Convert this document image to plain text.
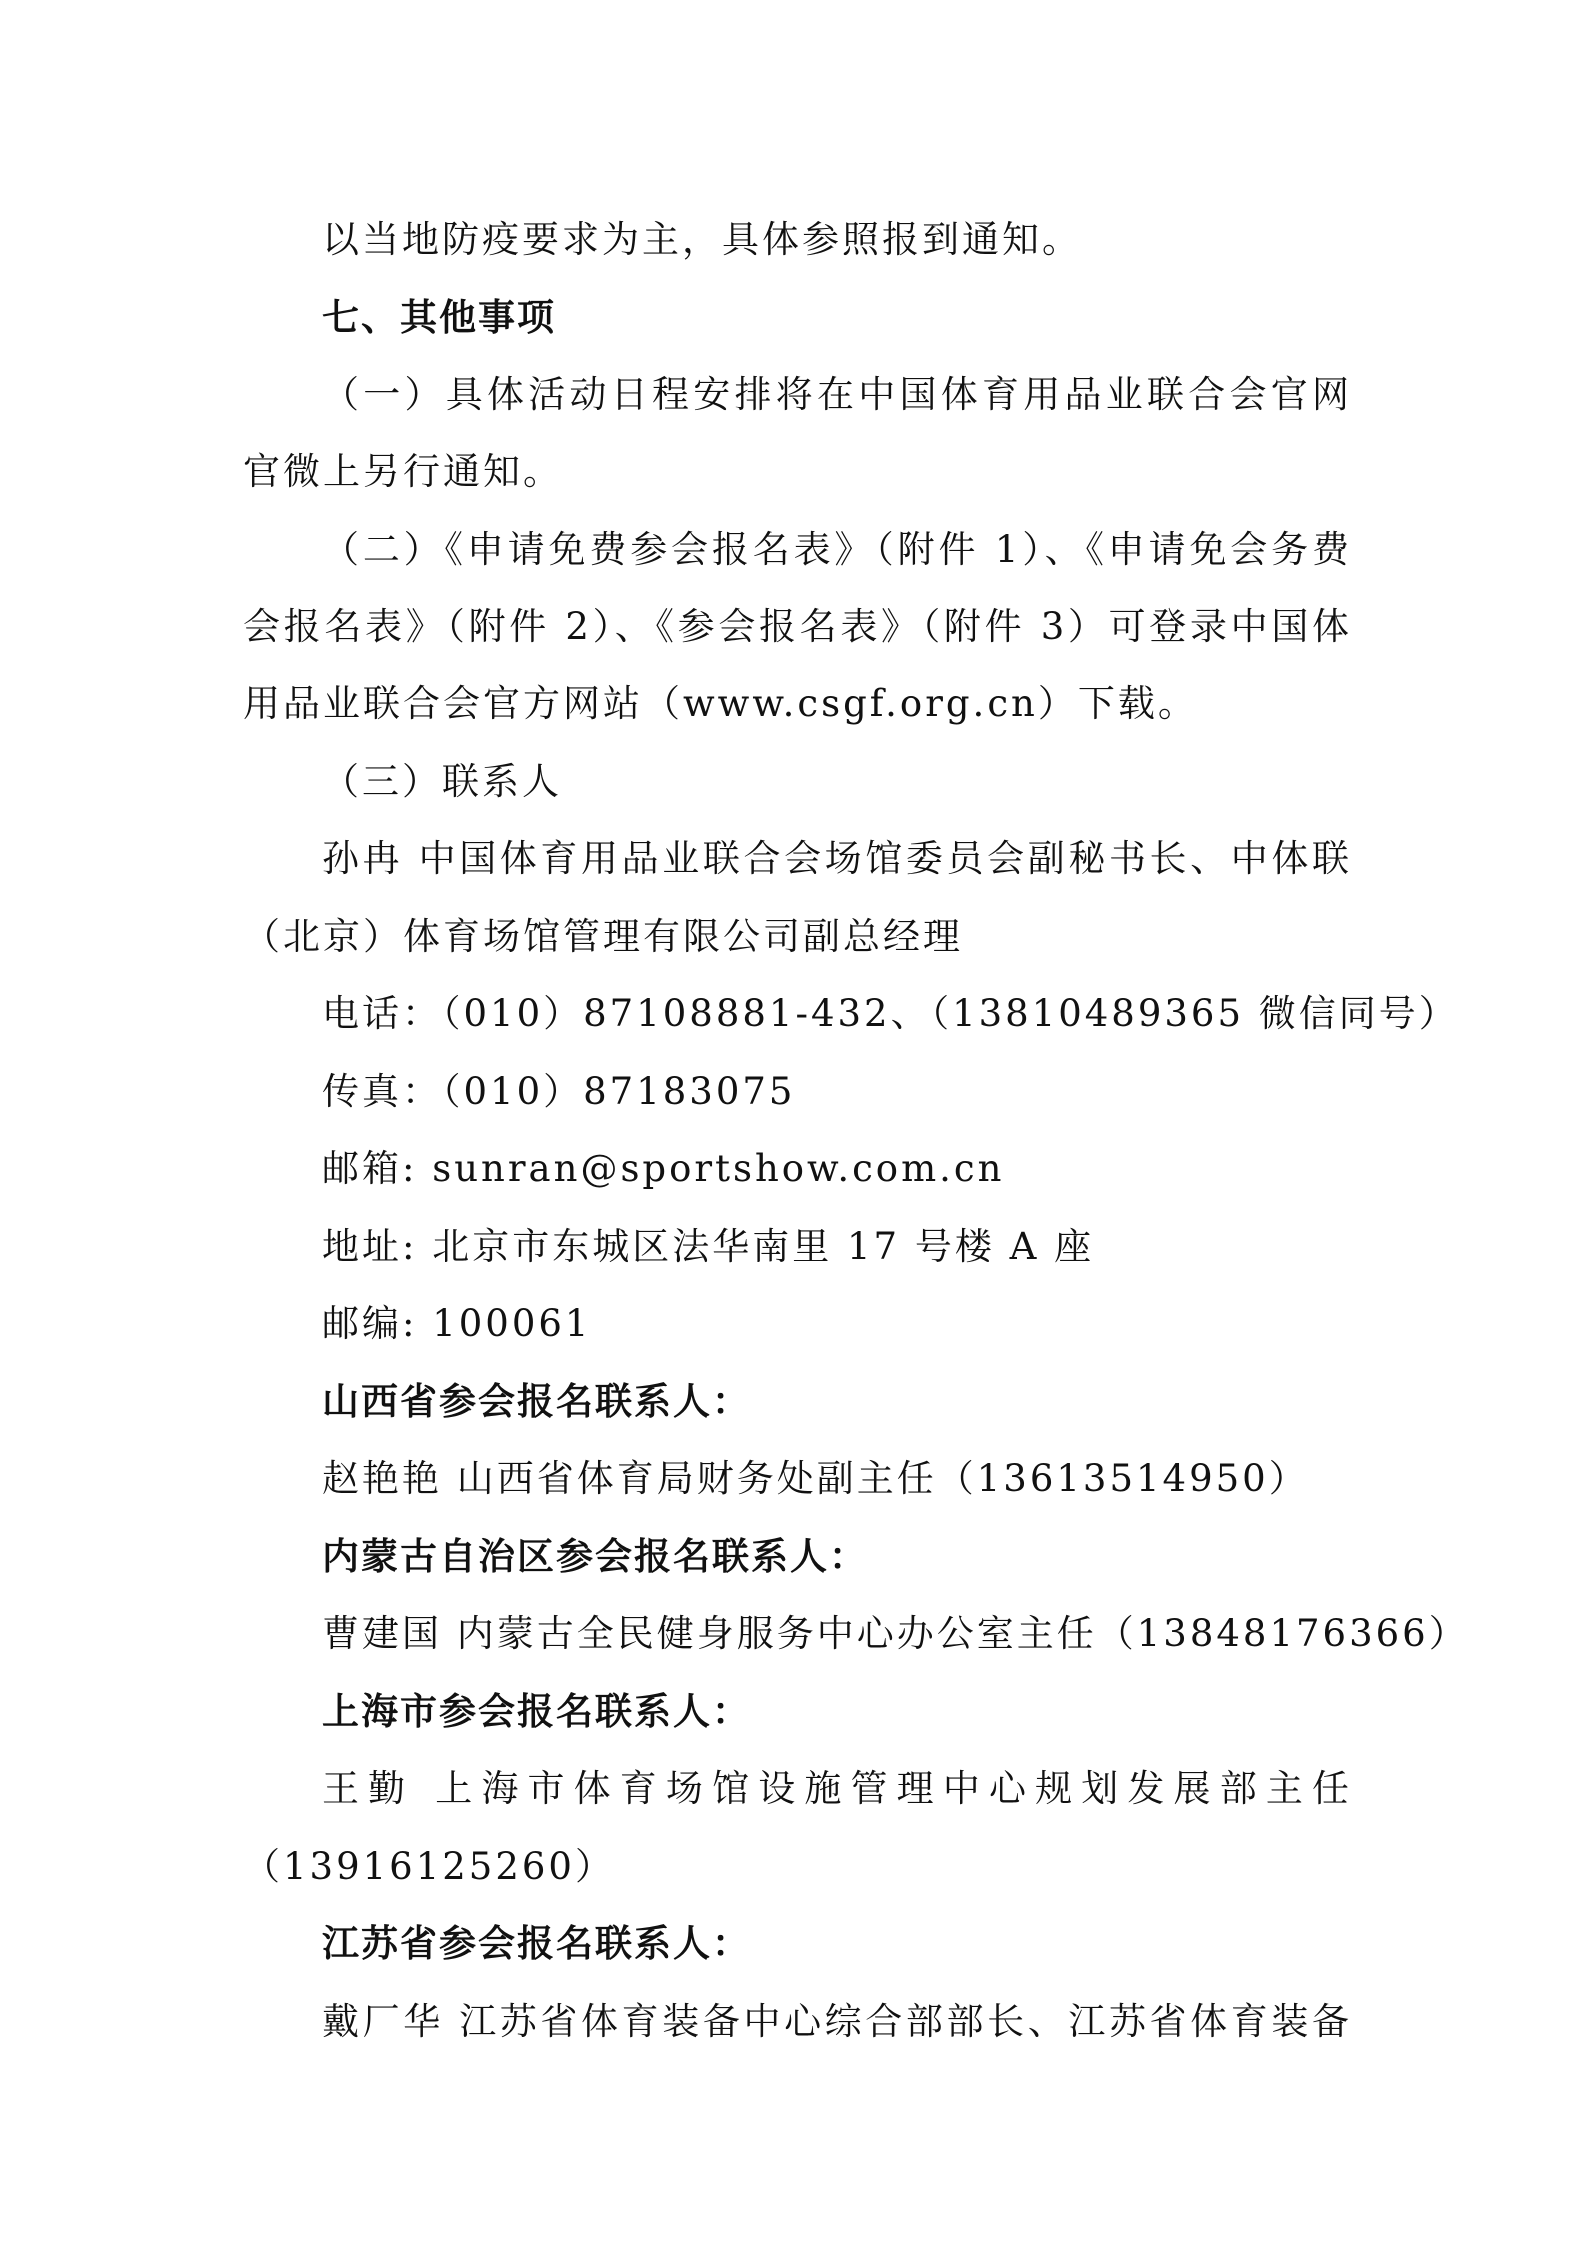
以当地防疫要求为主，具体参照报到通知。

七、其他事项

（一）具体活动日程安排将在中国体育用品业联合会官网

官微上另行通知。

（二）《申请免费参会报名表》（附件 1）、《申请免会务费

会报名表》（附件 2）、《参会报名表》（附件 3）可登录中国体

用品业联合会官方网站（www.csgf.org.cn）下载。

（三）联系人

孙冉 中国体育用品业联合会场馆委员会副秘书长、中体联

（北京）体育场馆管理有限公司副总经理

电话：（010）87108881-432、（13810489365 微信同号）

传真：（010）87183075

邮箱: sunran@sportshow.com.cn

地址: 北京市东城区法华南里 17 号楼 A 座

邮编: 100061

山西省参会报名联系人：

赵艳艳 山西省体育局财务处副主任（13613514950）

内蒙古自治区参会报名联系人：

曹建国 内蒙古全民健身服务中心办公室主任（13848176366）

上海市参会报名联系人：

王勤 上海市体育场馆设施管理中心规划发展部主任

（13916125260）

江苏省参会报名联系人：

戴厂华 江苏省体育装备中心综合部部长、江苏省体育装备
